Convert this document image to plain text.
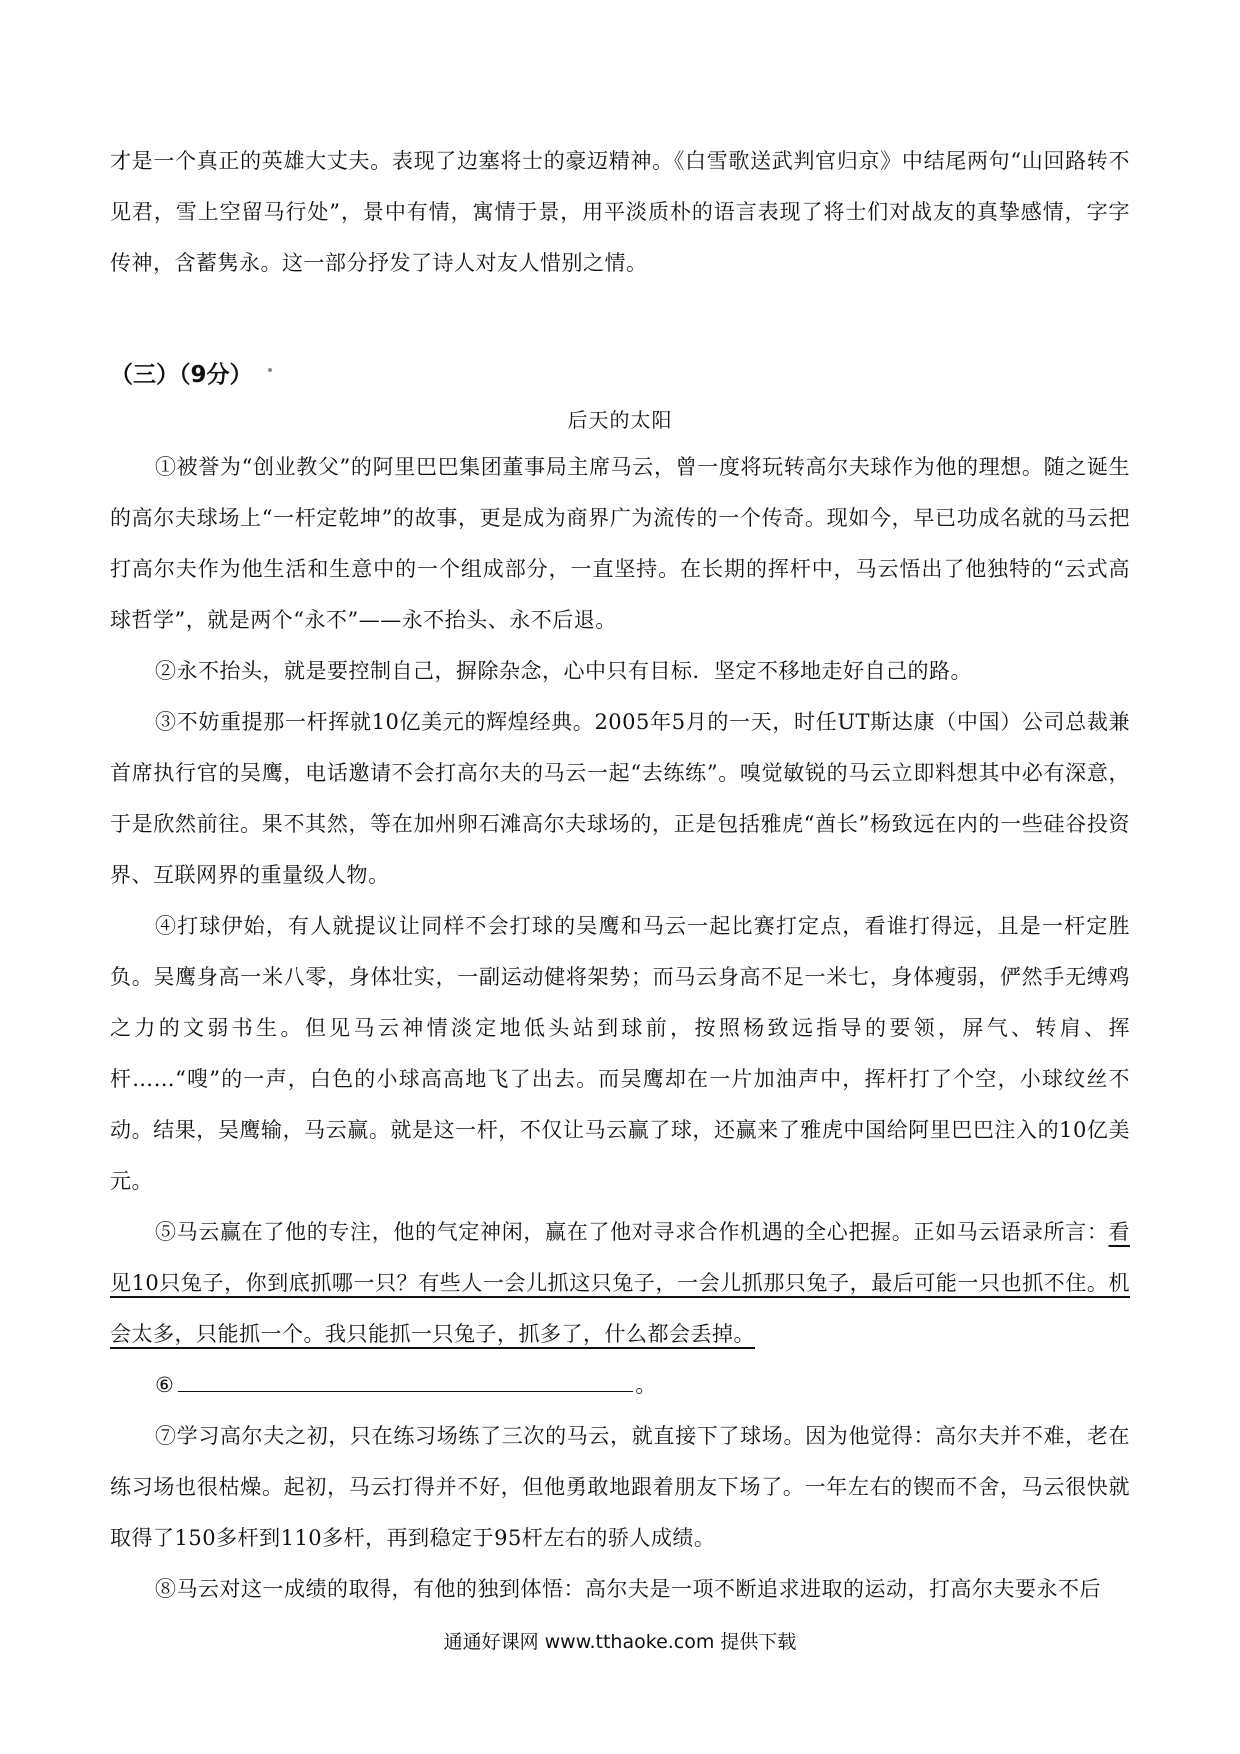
才是一个真正的英雄大丈夫。表现了边塞将士的豪迈精神。《白雪歌送武判官归京》中结尾两句“山回路转不见君，雪上空留马行处”，景中有情，寓情于景，用平淡质朴的语言表现了将士们对战友的真挚感情，字字传神，含蓄隽永。这一部分抒发了诗人对友人惜别之情。

（三）（9分）

后天的太阳

①被誉为“创业教父”的阿里巴巴集团董事局主席马云，曾一度将玩转高尔夫球作为他的理想。随之诞生的高尔夫球场上“一杆定乾坤”的故事，更是成为商界广为流传的一个传奇。现如今，早已功成名就的马云把打高尔夫作为他生活和生意中的一个组成部分，一直坚持。在长期的挥杆中，马云悟出了他独特的“云式高球哲学”，就是两个“永不”——永不抬头、永不后退。

②永不抬头，就是要控制自己，摒除杂念，心中只有目标．坚定不移地走好自己的路。

③不妨重提那一杆挥就10亿美元的辉煌经典。2005年5月的一天，时任UT斯达康（中国）公司总裁兼首席执行官的吴鹰，电话邀请不会打高尔夫的马云一起“去练练”。嗅觉敏锐的马云立即料想其中必有深意，于是欣然前往。果不其然，等在加州卵石滩高尔夫球场的，正是包括雅虎“酋长”杨致远在内的一些硅谷投资界、互联网界的重量级人物。

④打球伊始，有人就提议让同样不会打球的吴鹰和马云一起比赛打定点，看谁打得远，且是一杆定胜负。吴鹰身高一米八零，身体壮实，一副运动健将架势；而马云身高不足一米七，身体瘦弱，俨然手无缚鸡之力的文弱书生。但见马云神情淡定地低头站到球前，按照杨致远指导的要领，屏气、转肩、挥杆……“嗖”的一声，白色的小球高高地飞了出去。而吴鹰却在一片加油声中，挥杆打了个空，小球纹丝不动。结果，吴鹰输，马云赢。就是这一杆，不仅让马云赢了球，还赢来了雅虎中国给阿里巴巴注入的10亿美元。

⑤马云赢在了他的专注，他的气定神闲，赢在了他对寻求合作机遇的全心把握。正如马云语录所言：看见10只兔子，你到底抓哪一只？有些人一会儿抓这只兔子，一会儿抓那只兔子，最后可能一只也抓不住。机会太多，只能抓一个。我只能抓一只兔子，抓多了，什么都会丢掉。

⑥	。

⑦学习高尔夫之初，只在练习场练了三次的马云，就直接下了球场。因为他觉得：高尔夫并不难，老在练习场也很枯燥。起初，马云打得并不好，但他勇敢地跟着朋友下场了。一年左右的锲而不舍，马云很快就取得了150多杆到110多杆，再到稳定于95杆左右的骄人成绩。

⑧马云对这一成绩的取得，有他的独到体悟：高尔夫是一项不断追求进取的运动，打高尔夫要永不后

通通好课网 www.tthaoke.com 提供下载
